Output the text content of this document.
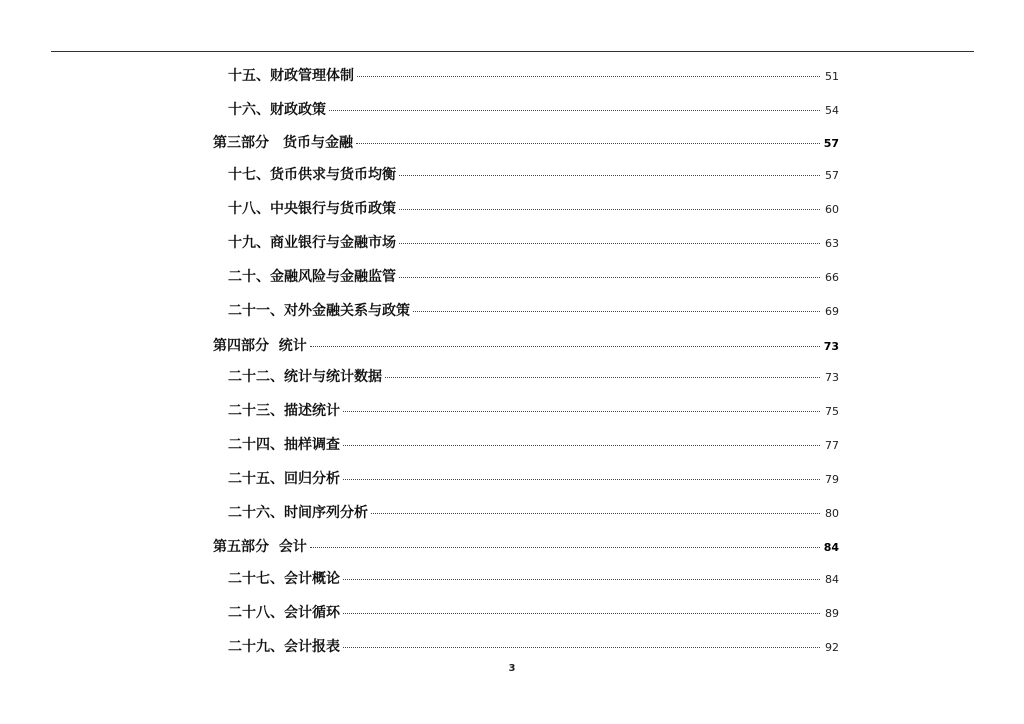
十五、财政管理体制	51
十六、财政政策	54
第三部分　货币与金融	57
十七、货币供求与货币均衡	57
十八、中央银行与货币政策	60
十九、商业银行与金融市场	63
二十、金融风险与金融监管	66
二十一、对外金融关系与政策	69
第四部分  统计	73
二十二、统计与统计数据	73
二十三、描述统计	75
二十四、抽样调查	77
二十五、回归分析	79
二十六、时间序列分析	80
第五部分  会计	84
二十七、会计概论	84
二十八、会计循环	89
二十九、会计报表	92
3
